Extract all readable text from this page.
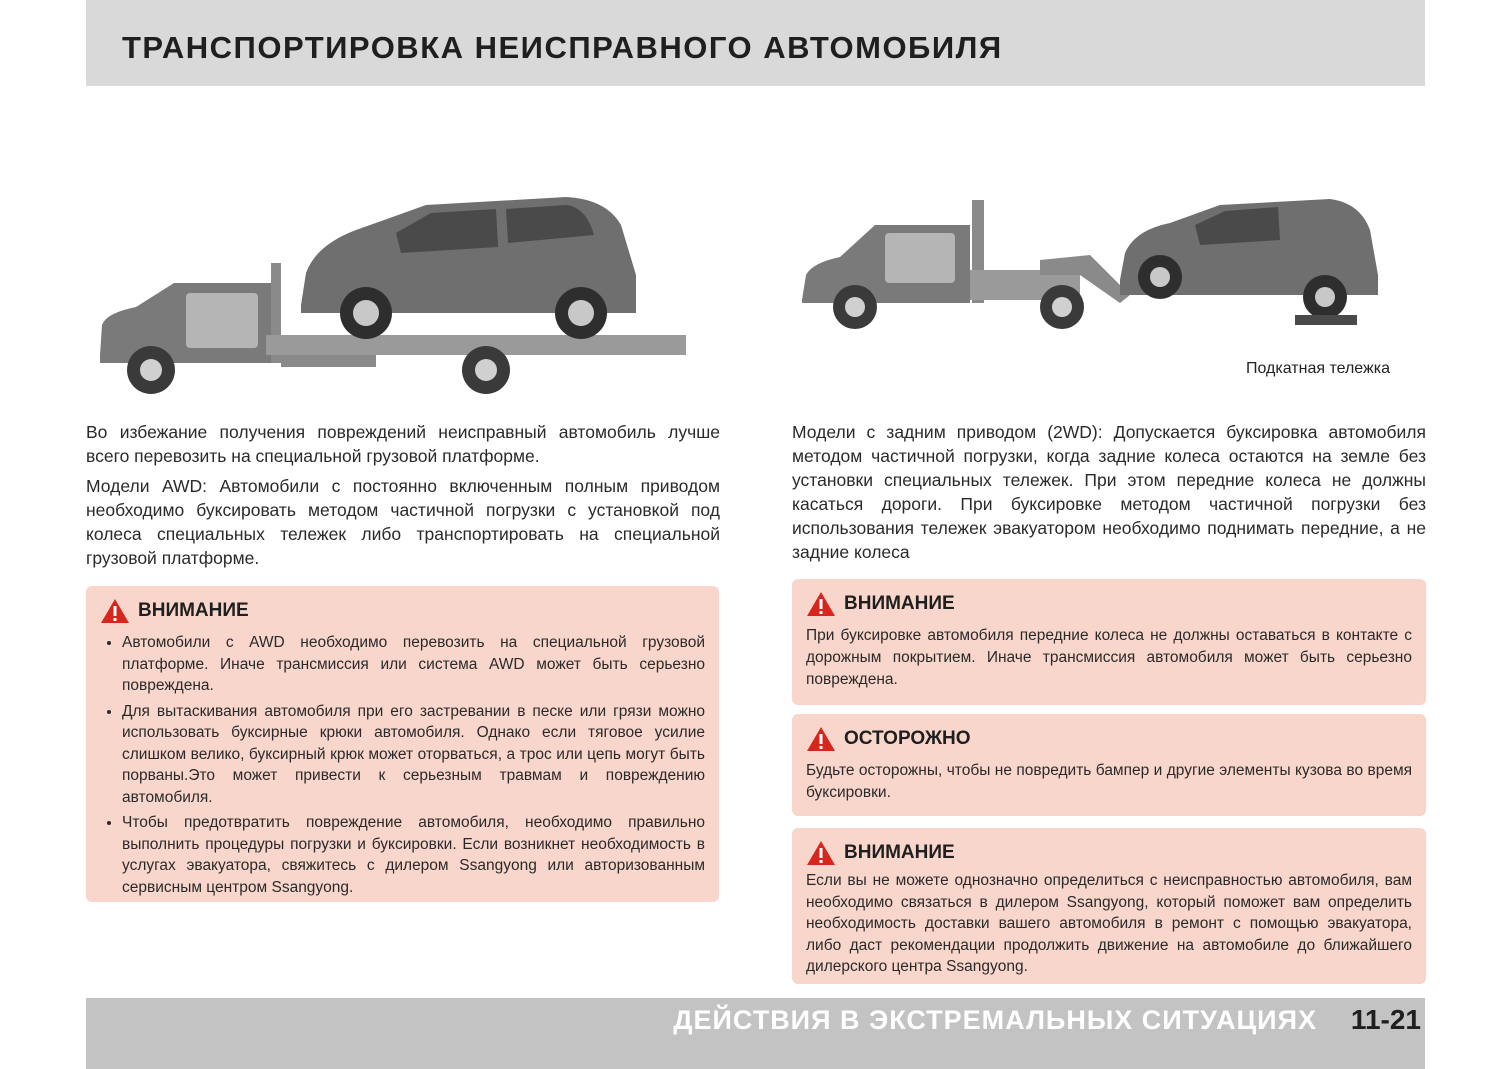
ТРАНСПОРТИРОВКА НЕИСПРАВНОГО АВТОМОБИЛЯ
Подкатная тележка

Во избежание получения повреждений неисправный автомобиль лучше всего перевозить на специальной грузовой платформе.

Модели AWD: Автомобили с постоянно включенным полным приводом необходимо буксировать методом частичной погрузки с установкой под колеса специальных тележек либо транспортировать на специальной грузовой платформе.

ВНИМАНИЕ
• Автомобили с AWD необходимо перевозить на специальной грузовой платформе. Иначе трансмиссия или система AWD может быть серьезно повреждена.
• Для вытаскивания автомобиля при его застревании в песке или грязи можно использовать буксирные крюки автомобиля. Однако если тяговое усилие слишком велико, буксирный крюк может оторваться, а трос или цепь могут быть порваны.Это может привести к серьезным травмам и повреждению автомобиля.
• Чтобы предотвратить повреждение автомобиля, необходимо правильно выполнить процедуры погрузки и буксировки. Если возникнет необходимость в услугах эвакуатора, свяжитесь с дилером Ssangyong или авторизованным сервисным центром Ssangyong.

Модели с задним приводом (2WD): Допускается буксировка автомобиля методом частичной погрузки, когда задние колеса остаются на земле без установки специальных тележек. При этом передние колеса не должны касаться дороги. При буксировке методом частичной погрузки без использования тележек эвакуатором необходимо поднимать передние, а не задние колеса

ВНИМАНИЕ
При буксировке автомобиля передние колеса не должны оставаться в контакте с дорожным покрытием. Иначе трансмиссия автомобиля может быть серьезно повреждена.
ОСТОРОЖНО
Будьте осторожны, чтобы не повредить бампер и другие элементы кузова во время буксировки.
ВНИМАНИЕ
Если вы не можете однозначно определиться с неисправностью автомобиля, вам необходимо связаться в дилером Ssangyong, который поможет вам определить необходимость доставки вашего автомобиля в ремонт с помощью эвакуатора, либо даст рекомендации продолжить движение на автомобиле до ближайшего дилерского центра Ssangyong.
ДЕЙСТВИЯ В ЭКСТРЕМАЛЬНЫХ СИТУАЦИЯХ 11-21
